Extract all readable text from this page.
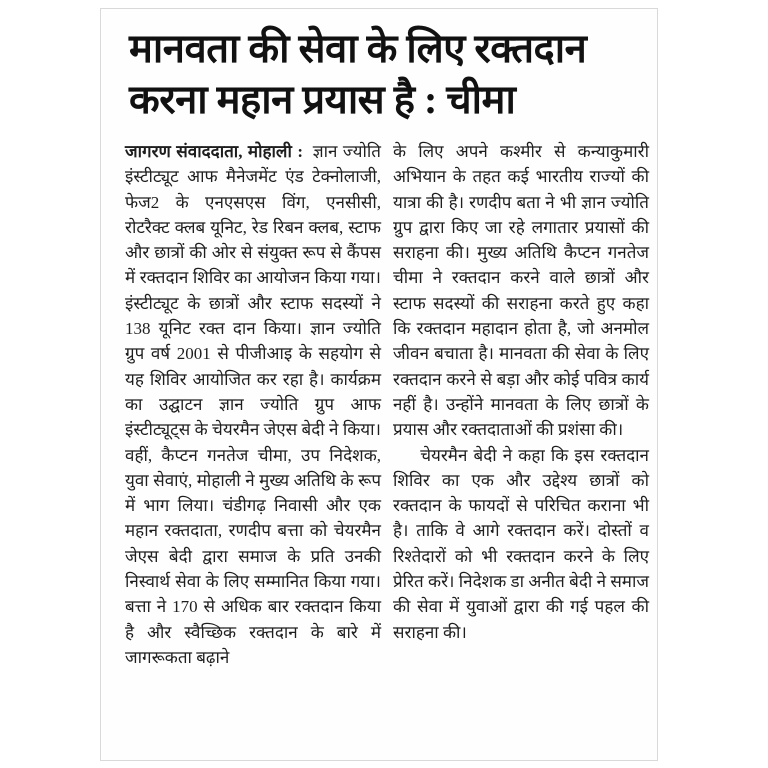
मानवता की सेवा के लिए रक्तदान
करना महान प्रयास है : चीमा

जागरण संवाददाता, मोहाली : ज्ञान ज्योति इंस्टीट्यूट आफ मैनेजमेंट एंड टेक्नोलाजी, फेज2 के एनएसएस विंग, एनसीसी, रोटरैक्ट क्लब यूनिट, रेड रिबन क्लब, स्टाफ और छात्रों की ओर से संयुक्त रूप से कैंपस में रक्तदान शिविर का आयोजन किया गया। इंस्टीट्यूट के छात्रों और स्टाफ सदस्यों ने 138 यूनिट रक्त दान किया। ज्ञान ज्योति ग्रुप वर्ष 2001 से पीजीआइ के सहयोग से यह शिविर आयोजित कर रहा है। कार्यक्रम का उद्घाटन ज्ञान ज्योति ग्रुप आफ इंस्टीट्यूट्स के चेयरमैन जेएस बेदी ने किया। वहीं, कैप्टन गनतेज चीमा, उप निदेशक, युवा सेवाएं, मोहाली ने मुख्य अतिथि के रूप में भाग लिया। चंडीगढ़ निवासी और एक महान रक्तदाता, रणदीप बत्ता को चेयरमैन जेएस बेदी द्वारा समाज के प्रति उनकी निस्वार्थ सेवा के लिए सम्मानित किया गया। बत्ता ने 170 से अधिक बार रक्तदान किया है और स्वैच्छिक रक्तदान के बारे में जागरूकता बढ़ाने

के लिए अपने कश्मीर से कन्याकुमारी अभियान के तहत कई भारतीय राज्यों की यात्रा की है। रणदीप बता ने भी ज्ञान ज्योति ग्रुप द्वारा किए जा रहे लगातार प्रयासों की सराहना की। मुख्य अतिथि कैप्टन गनतेज चीमा ने रक्तदान करने वाले छात्रों और स्टाफ सदस्यों की सराहना करते हुए कहा कि रक्तदान महादान होता है, जो अनमोल जीवन बचाता है। मानवता की सेवा के लिए रक्तदान करने से बड़ा और कोई पवित्र कार्य नहीं है। उन्होंने मानवता के लिए छात्रों के प्रयास और रक्तदाताओं की प्रशंसा की।

चेयरमैन बेदी ने कहा कि इस रक्तदान शिविर का एक और उद्देश्य छात्रों को रक्तदान के फायदों से परिचित कराना भी है। ताकि वे आगे रक्तदान करें। दोस्तों व रिश्तेदारों को भी रक्तदान करने के लिए प्रेरित करें। निदेशक डा अनीत बेदी ने समाज की सेवा में युवाओं द्वारा की गई पहल की सराहना की।
